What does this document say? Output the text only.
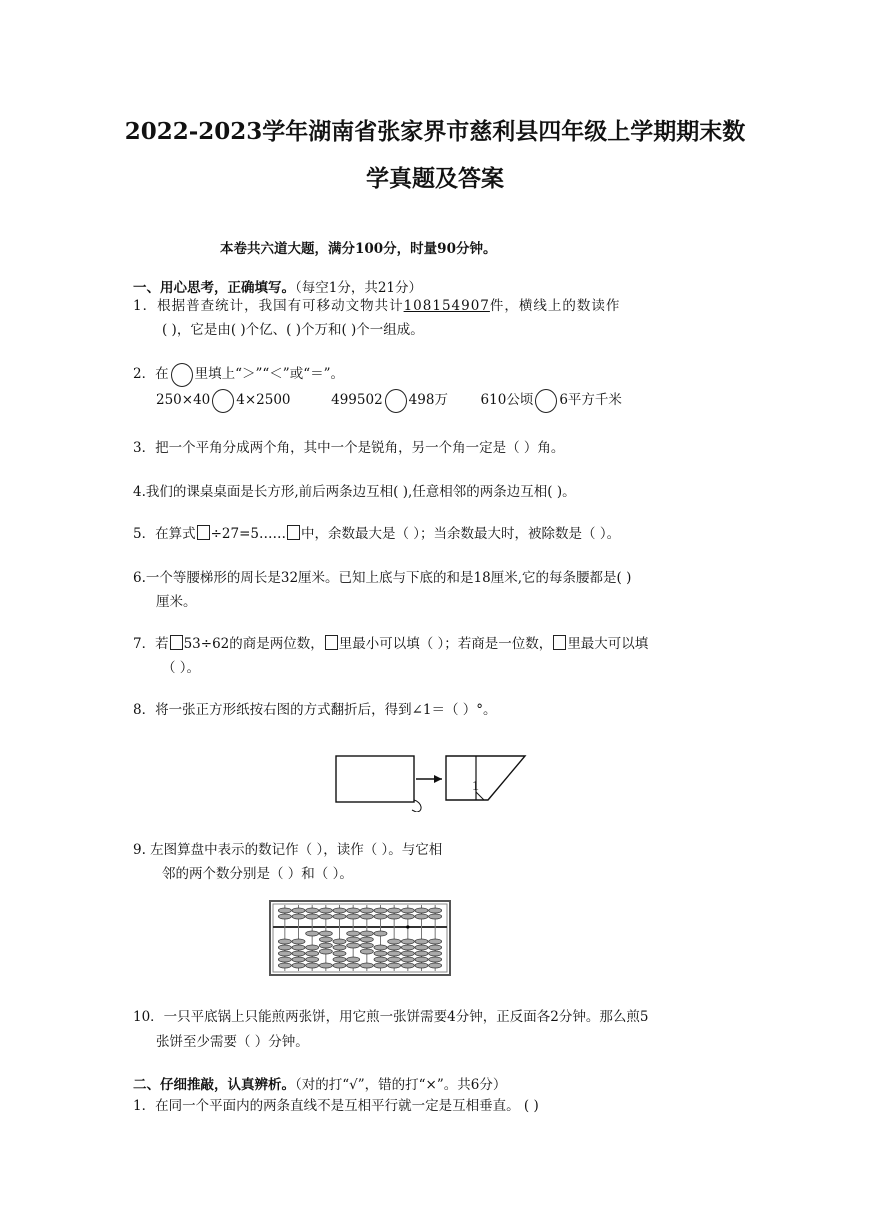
2022-2023学年湖南省张家界市慈利县四年级上学期期末数
学真题及答案
本卷共六道大题，满分100分，时量90分钟。
一、用心思考，正确填写。（每空1分，共21分）
1．根据普查统计，我国有可移动文物共计108154907件，横线上的数读作
( )，它是由( )个亿、( )个万和( )个一组成。
2．在 里填上“＞”“＜”或“＝”。
250×40 4×2500	499502 498万 610公顷 6平方千米
3．把一个平角分成两个角，其中一个是锐角，另一个角一定是（ ）角。
4.我们的课桌桌面是长方形,前后两条边互相( ),任意相邻的两条边互相( )。
5．在算式 ÷27=5…… 中，余数最大是（ ）；当余数最大时，被除数是（ ）。
6.一个等腰梯形的周长是32厘米。已知上底与下底的和是18厘米,它的每条腰都是( )
厘米。
7．若 53÷62的商是两位数， 里最小可以填（ ）；若商是一位数， 里最大可以填
（ ）。
8．将一张正方形纸按右图的方式翻折后，得到∠1＝（ ）°。
1
9. 左图算盘中表示的数记作（ ），读作（ ）。与它相
邻的两个数分别是（ ）和（ ）。
10．一只平底锅上只能煎两张饼，用它煎一张饼需要4分钟，正反面各2分钟。那么煎5
张饼至少需要（ ）分钟。
二、仔细推敲，认真辨析。（对的打“√”，错的打“×”。共6分）
1．在同一个平面内的两条直线不是互相平行就一定是互相垂直。 ( )
